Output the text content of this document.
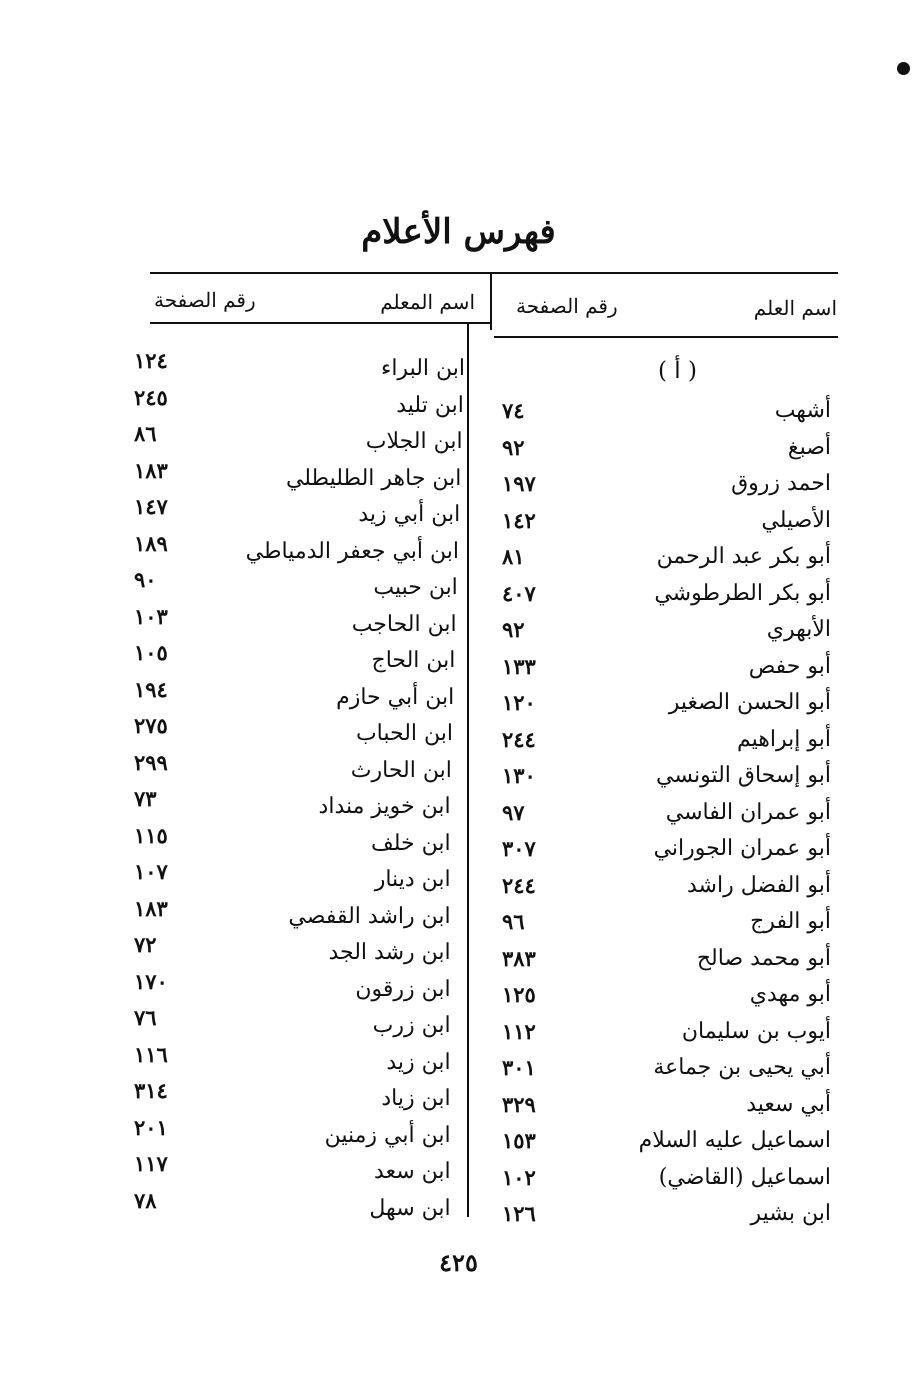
فهرس الأعلام
اسم العلم
رقم الصفحة
اسم المعلم
رقم الصفحة
( أ )
أشهب
٧٤
أصبغ
٩٢
احمد زروق
١٩٧
الأصيلي
١٤٢
أبو بكر عبد الرحمن
٨١
أبو بكر الطرطوشي
٤٠٧
الأبهري
٩٢
أبو حفص
١٣٣
أبو الحسن الصغير
١٢٠
أبو إبراهيم
٢٤٤
أبو إسحاق التونسي
١٣٠
أبو عمران الفاسي
٩٧
أبو عمران الجوراني
٣٠٧
أبو الفضل راشد
٢٤٤
أبو الفرج
٩٦
أبو محمد صالح
٣٨٣
أبو مهدي
١٢٥
أيوب بن سليمان
١١٢
أبي يحيى بن جماعة
٣٠١
أبي سعيد
٣٢٩
اسماعيل عليه السلام
١٥٣
اسماعيل (القاضي)
١٠٢
ابن بشير
١٢٦
ابن البراء
١٢٤
ابن تليد
٢٤٥
ابن الجلاب
٨٦
ابن جاهر الطليطلي
١٨٣
ابن أبي زيد
١٤٧
ابن أبي جعفر الدمياطي
١٨٩
ابن حبيب
٩٠
ابن الحاجب
١٠٣
ابن الحاج
١٠٥
ابن أبي حازم
١٩٤
ابن الحباب
٢٧٥
ابن الحارث
٢٩٩
ابن خويز منداد
٧٣
ابن خلف
١١٥
ابن دينار
١٠٧
ابن راشد القفصي
١٨٣
ابن رشد الجد
٧٢
ابن زرقون
١٧٠
ابن زرب
٧٦
ابن زيد
١١٦
ابن زياد
٣١٤
ابن أبي زمنين
٢٠١
ابن سعد
١١٧
ابن سهل
٧٨
٤٢٥
